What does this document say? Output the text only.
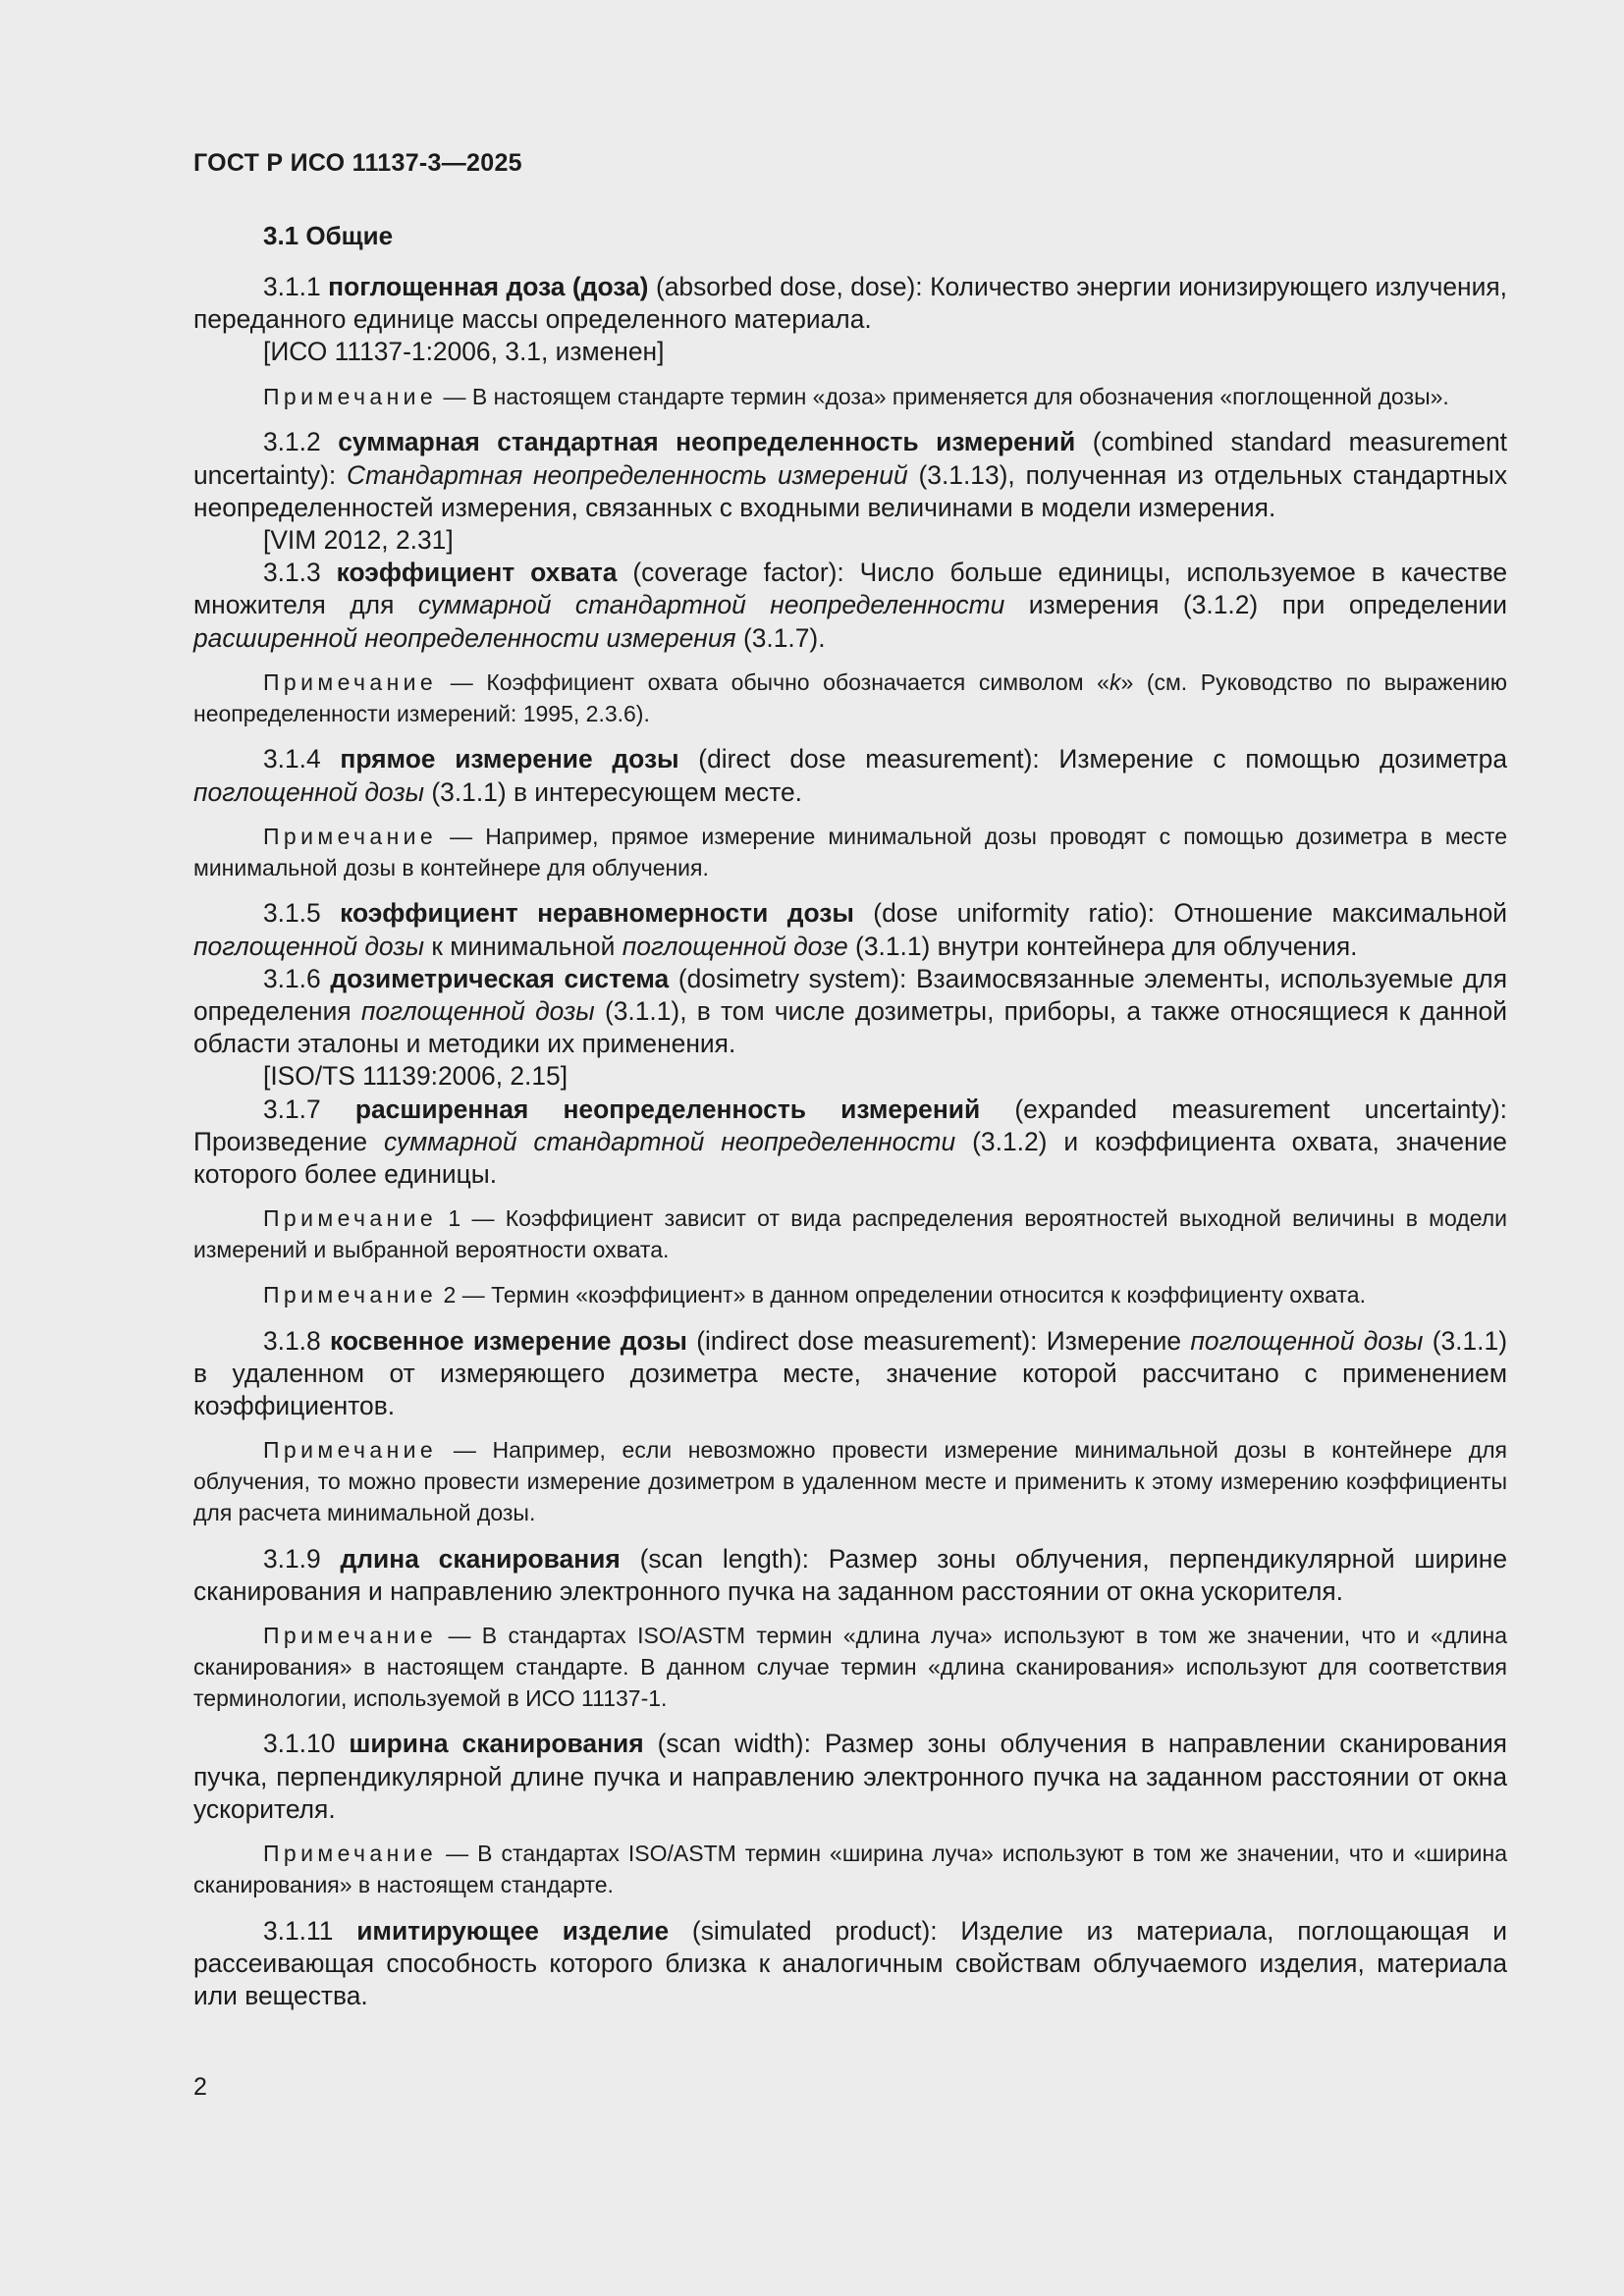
ГОСТ Р ИСО 11137-3—2025
3.1 Общие

3.1.1 поглощенная доза (доза) (absorbed dose, dose): Количество энергии ионизирующего излучения, переданного единице массы определенного материала.

[ИСО 11137-1:2006, 3.1, изменен]

Примечание — В настоящем стандарте термин «доза» применяется для обозначения «поглощенной дозы».

3.1.2 суммарная стандартная неопределенность измерений (combined standard measurement uncertainty): Стандартная неопределенность измерений (3.1.13), полученная из отдельных стандартных неопределенностей измерения, связанных с входными величинами в модели измерения.

[VIM 2012, 2.31]

3.1.3 коэффициент охвата (coverage factor): Число больше единицы, используемое в качестве множителя для суммарной стандартной неопределенности измерения (3.1.2) при определении расширенной неопределенности измерения (3.1.7).

Примечание — Коэффициент охвата обычно обозначается символом «k» (см. Руководство по выражению неопределенности измерений: 1995, 2.3.6).

3.1.4 прямое измерение дозы (direct dose measurement): Измерение с помощью дозиметра поглощенной дозы (3.1.1) в интересующем месте.

Примечание — Например, прямое измерение минимальной дозы проводят с помощью дозиметра в месте минимальной дозы в контейнере для облучения.

3.1.5 коэффициент неравномерности дозы (dose uniformity ratio): Отношение максимальной поглощенной дозы к минимальной поглощенной дозе (3.1.1) внутри контейнера для облучения.

3.1.6 дозиметрическая система (dosimetry system): Взаимосвязанные элементы, используемые для определения поглощенной дозы (3.1.1), в том числе дозиметры, приборы, а также относящиеся к данной области эталоны и методики их применения.

[ISO/TS 11139:2006, 2.15]

3.1.7 расширенная неопределенность измерений (expanded measurement uncertainty): Произведение суммарной стандартной неопределенности (3.1.2) и коэффициента охвата, значение которого более единицы.

Примечание 1 — Коэффициент зависит от вида распределения вероятностей выходной величины в модели измерений и выбранной вероятности охвата.

Примечание 2 — Термин «коэффициент» в данном определении относится к коэффициенту охвата.

3.1.8 косвенное измерение дозы (indirect dose measurement): Измерение поглощенной дозы (3.1.1) в удаленном от измеряющего дозиметра месте, значение которой рассчитано с применением коэффициентов.

Примечание — Например, если невозможно провести измерение минимальной дозы в контейнере для облучения, то можно провести измерение дозиметром в удаленном месте и применить к этому измерению коэффициенты для расчета минимальной дозы.

3.1.9 длина сканирования (scan length): Размер зоны облучения, перпендикулярной ширине сканирования и направлению электронного пучка на заданном расстоянии от окна ускорителя.

Примечание — В стандартах ISO/ASTM термин «длина луча» используют в том же значении, что и «длина сканирования» в настоящем стандарте. В данном случае термин «длина сканирования» используют для соответствия терминологии, используемой в ИСО 11137-1.

3.1.10 ширина сканирования (scan width): Размер зоны облучения в направлении сканирования пучка, перпендикулярной длине пучка и направлению электронного пучка на заданном расстоянии от окна ускорителя.

Примечание — В стандартах ISO/ASTM термин «ширина луча» используют в том же значении, что и «ширина сканирования» в настоящем стандарте.

3.1.11 имитирующее изделие (simulated product): Изделие из материала, поглощающая и рассеивающая способность которого близка к аналогичным свойствам облучаемого изделия, материала или вещества.

2
